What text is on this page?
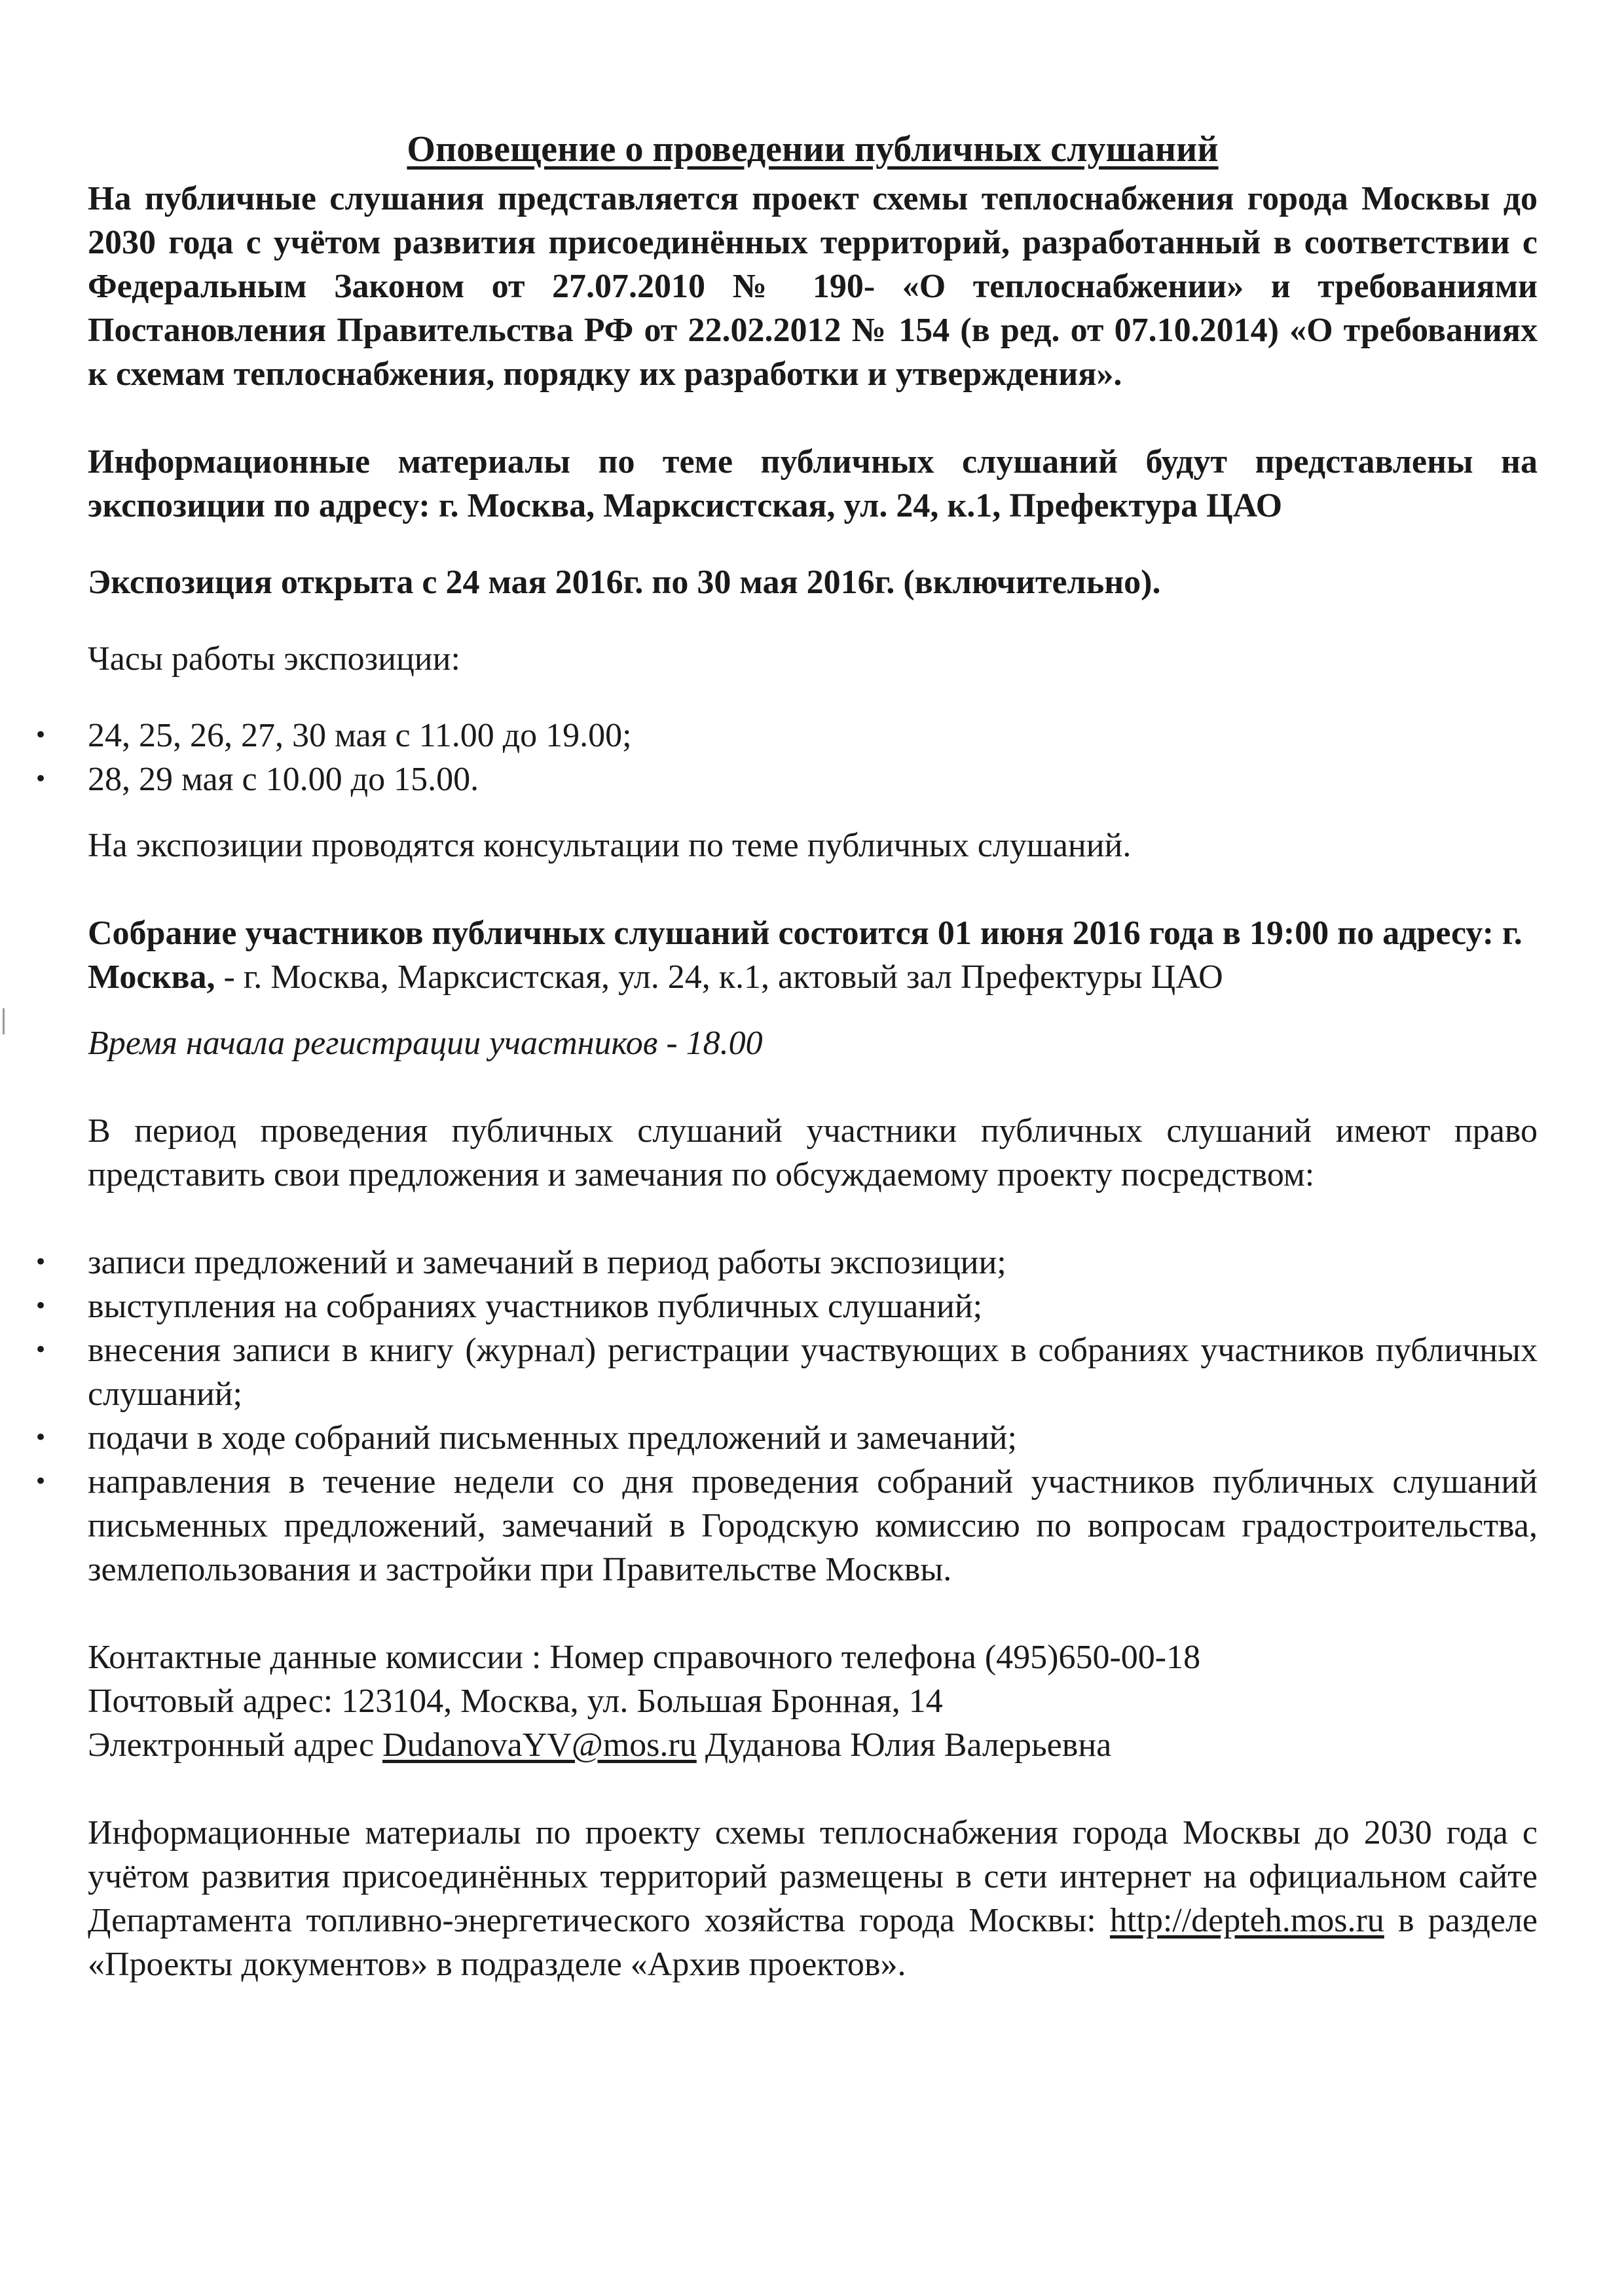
Оповещение о проведении публичных слушаний

На публичные слушания представляется проект схемы теплоснабжения города Москвы до 2030 года с учётом развития присоединённых территорий, разработанный в соответствии с Федеральным Законом от 27.07.2010 № 190- «О теплоснабжении» и требованиями Постановления Правительства РФ от 22.02.2012 № 154 (в ред. от 07.10.2014) «О требованиях к схемам теплоснабжения, порядку их разработки и утверждения».

Информационные материалы по теме публичных слушаний будут представлены на экспозиции по адресу: г. Москва, Марксистская, ул. 24, к.1, Префектура ЦАО

Экспозиция открыта с 24 мая 2016г. по 30 мая 2016г. (включительно).

Часы работы экспозиции:

•	24, 25, 26, 27, 30 мая с 11.00 до 19.00;
•	28, 29 мая с 10.00 до 15.00.

На экспозиции проводятся консультации по теме публичных слушаний.

Собрание участников публичных слушаний состоится 01 июня 2016 года в 19:00 по адресу: г. Москва, - г. Москва, Марксистская, ул. 24, к.1, актовый зал Префектуры ЦАО

Время начала регистрации участников - 18.00

В период проведения публичных слушаний участники публичных слушаний имеют право представить свои предложения и замечания по обсуждаемому проекту посредством:

•	записи предложений и замечаний в период работы экспозиции;
•	выступления на собраниях участников публичных слушаний;
•	внесения записи в книгу (журнал) регистрации участвующих в собраниях участников публичных слушаний;
•	подачи в ходе собраний письменных предложений и замечаний;
•	направления в течение недели со дня проведения собраний участников публичных слушаний письменных предложений, замечаний в Городскую комиссию по вопросам градостроительства, землепользования и застройки при Правительстве Москвы.

Контактные данные комиссии : Номер справочного телефона (495)650-00-18

Почтовый адрес: 123104, Москва, ул. Большая Бронная, 14

Электронный адрес DudanovaYV@mos.ru Дуданова Юлия Валерьевна

Информационные материалы по проекту схемы теплоснабжения города Москвы до 2030 года с учётом развития присоединённых территорий размещены в сети интернет на официальном сайте Департамента топливно-энергетического хозяйства города Москвы: http://depteh.mos.ru в разделе «Проекты документов» в подразделе «Архив проектов».
